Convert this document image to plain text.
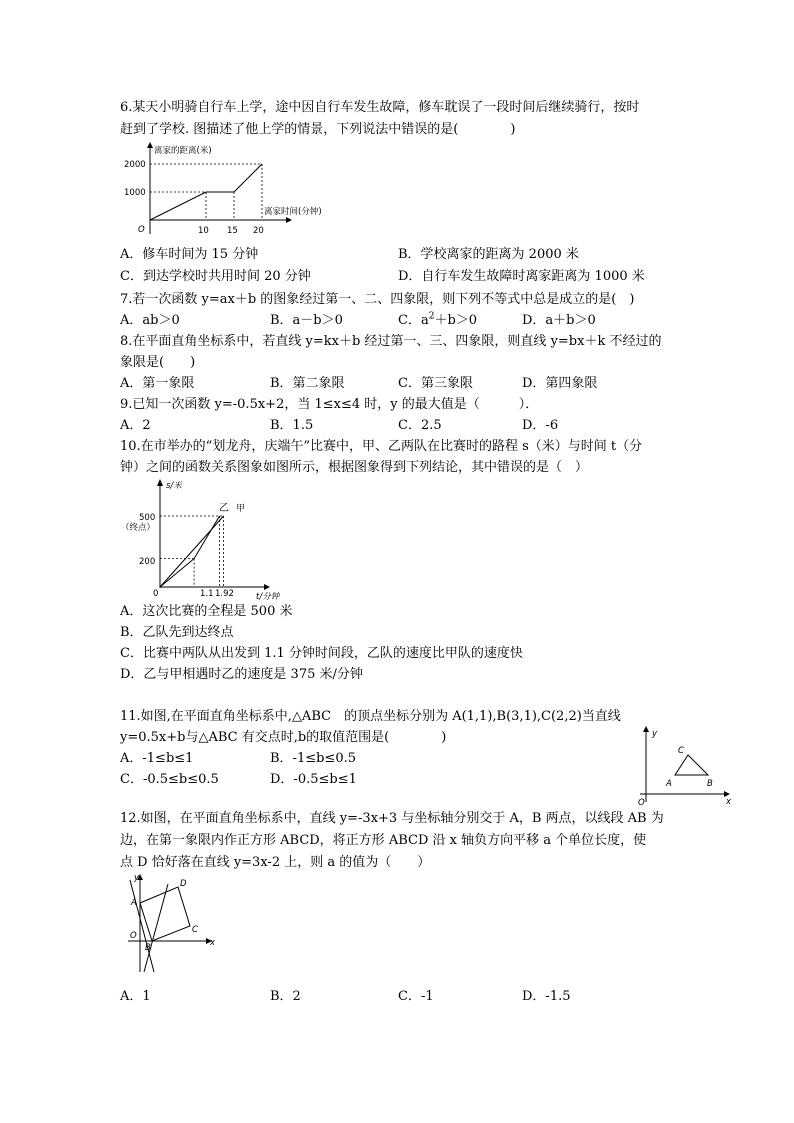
6.某天小明骑自行车上学，途中因自行车发生故障，修车耽误了一段时间后继续骑行，按时
赶到了学校. 图描述了他上学的情景，下列说法中错误的是(　　　　)
离家的距离(米)
离家时间(分钟)
O
2000
1000
10 15 20
A．修车时间为 15 分钟	B．学校离家的距离为 2000 米
C．到达学校时共用时间 20 分钟	D．自行车发生故障时离家距离为 1000 米
7.若一次函数 y=ax＋b 的图象经过第一、二、四象限，则下列不等式中总是成立的是(　)
A．ab＞0	B．a－b＞0	C．$a^2+b>0$	D．a＋b＞0
8.在平面直角坐标系中，若直线 y=kx＋b 经过第一、三、四象限，则直线 y=bx＋k 不经过的
象限是(　　)
A．第一象限	B．第二象限	C．第三象限	D．第四象限
9.已知一次函数 y=-0.5x+2，当 1≤x≤4 时，y 的最大值是（　　　）．
A．2	B．1.5	C．2.5	D．-6
10.在市举办的“划龙舟，庆端午”比赛中，甲、乙两队在比赛时的路程 s（米）与时间 t（分
钟）之间的函数关系图象如图所示，根据图象得到下列结论，其中错误的是（　）
s/米
（终点）
t/分钟
0
500
200
1.1 1.92
乙 甲
A．这次比赛的全程是 500 米
B．乙队先到达终点
C．比赛中两队从出发到 1.1 分钟时间段，乙队的速度比甲队的速度快
D．乙与甲相遇时乙的速度是 375 米/分钟
11.如图,在平面直角坐标系中,△ABC　的顶点坐标分别为 A(1,1),B(3,1),C(2,2)当直线
y=0.5x+b与△ABC 有交点时,b的取值范围是(　　　　)
A．-1≤b≤1	B．-1≤b≤0.5
C．-0.5≤b≤0.5	D．-0.5≤b≤1
y
x
O
A	B
C
12.如图，在平面直角坐标系中，直线 y=-3x+3 与坐标轴分别交于 A，B 两点，以线段 AB 为
边，在第一象限内作正方形 ABCD，将正方形 ABCD 沿 x 轴负方向平移 a 个单位长度，使
点 D 恰好落在直线 y=3x-2 上，则 a 的值为（　　）
y
x
O
A
B
C
D
A．1	B．2	C．-1	D．-1.5
